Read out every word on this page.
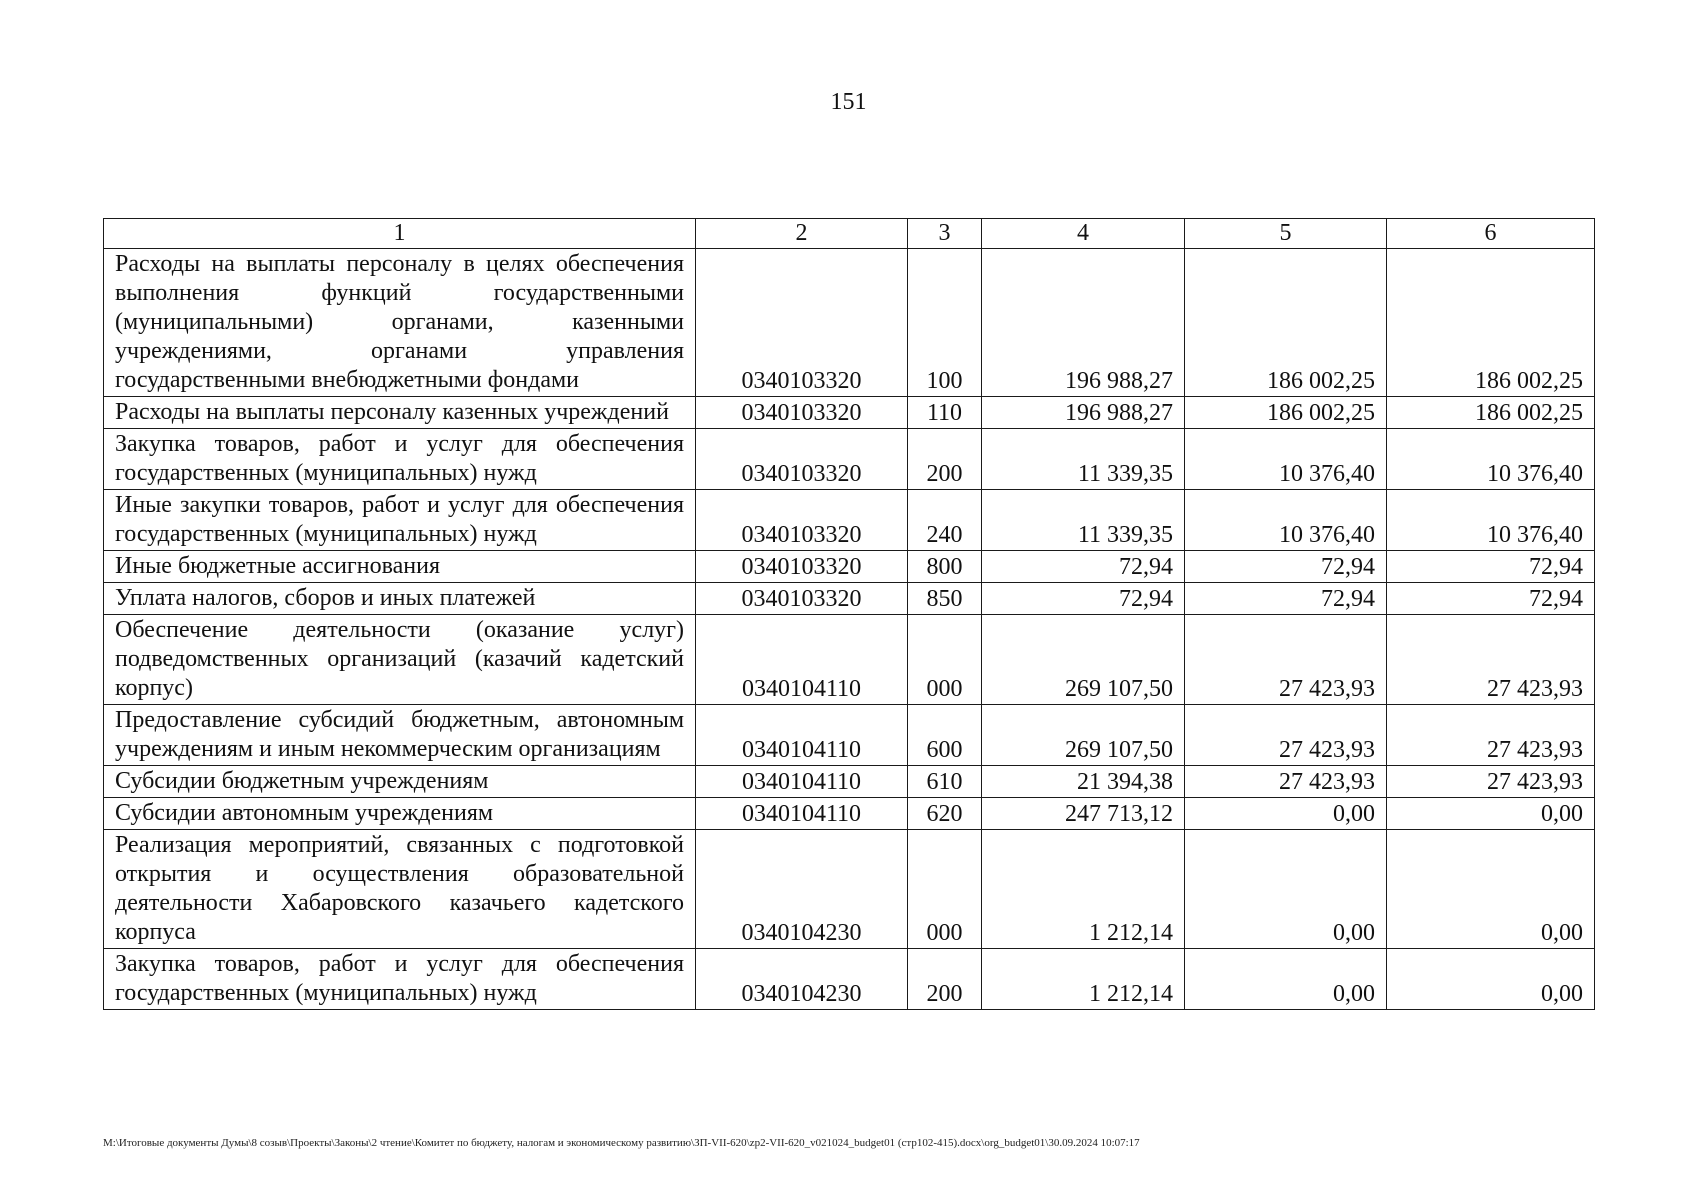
151
1	2	3	4	5	6
Расходы на выплаты персоналу в целях обеспечения выполнения функций государственными (муниципальными) органами, казенными учреждениями, органами управления государственными внебюджетными фондами	0340103320	100	196 988,27	186 002,25	186 002,25
Расходы на выплаты персоналу казенных учреждений	0340103320	110	196 988,27	186 002,25	186 002,25
Закупка товаров, работ и услуг для обеспечения государственных (муниципальных) нужд	0340103320	200	11 339,35	10 376,40	10 376,40
Иные закупки товаров, работ и услуг для обеспечения государственных (муниципальных) нужд	0340103320	240	11 339,35	10 376,40	10 376,40
Иные бюджетные ассигнования	0340103320	800	72,94	72,94	72,94
Уплата налогов, сборов и иных платежей	0340103320	850	72,94	72,94	72,94
Обеспечение деятельности (оказание услуг) подведомственных организаций (казачий кадетский корпус)	0340104110	000	269 107,50	27 423,93	27 423,93
Предоставление субсидий бюджетным, автономным учреждениям и иным некоммерческим организациям	0340104110	600	269 107,50	27 423,93	27 423,93
Субсидии бюджетным учреждениям	0340104110	610	21 394,38	27 423,93	27 423,93
Субсидии автономным учреждениям	0340104110	620	247 713,12	0,00	0,00
Реализация мероприятий, связанных с подготовкой открытия и осуществления образовательной деятельности Хабаровского казачьего кадетского корпуса	0340104230	000	1 212,14	0,00	0,00
Закупка товаров, работ и услуг для обеспечения государственных (муниципальных) нужд	0340104230	200	1 212,14	0,00	0,00
M:\Итоговые документы Думы\8 созыв\Проекты\Законы\2 чтение\Комитет по бюджету, налогам и экономическому развитию\ЗП-VII-620\zp2-VII-620_v021024_budget01 (стр102-415).docx\org_budget01\30.09.2024 10:07:17
